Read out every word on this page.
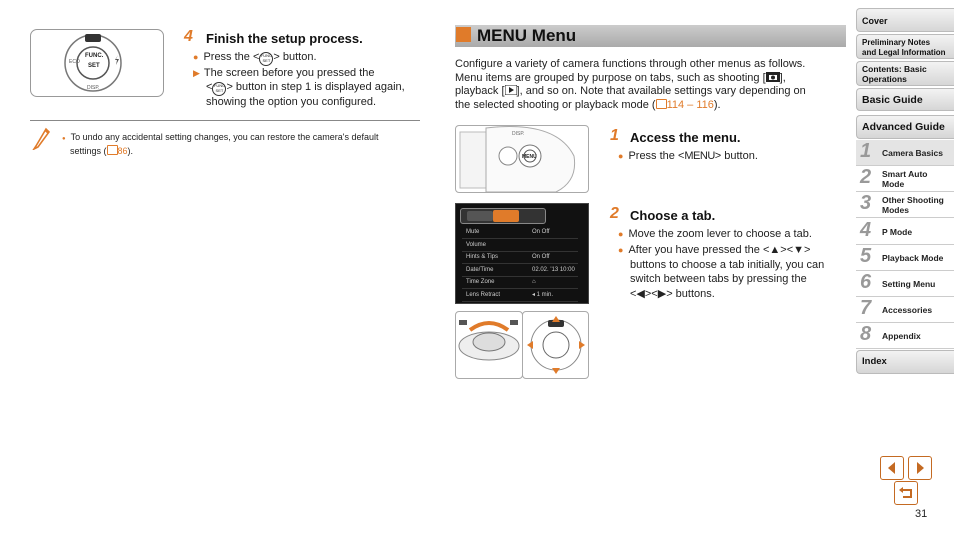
FUNC.
SET
ECO
DISP.
4 Finish the setup process.
● Press the <FUNC
SET > button.
▶ The screen before you pressed the
<FUNC
SET > button in step 1 is displayed again,
showing the option you configured.
● To undo any accidental setting changes, you can restore the camera's default
settings ( 86).
MENU Menu
Configure a variety of camera functions through other menus as follows.
Menu items are grouped by purpose on tabs, such as shooting [ ],
playback [ ], and so on. Note that available settings vary depending on
the selected shooting or playback mode ( 114 – 116).
MENU
DISP.	1 Access the menu.
● Press the <MENU> button.
Mute	On Off
Volume
Hints & Tips	On Off
Date/Time	02.02. '13 10:00
Time Zone	⌂
Lens Retract	◂ 1 min.
2 Choose a tab.
● Move the zoom lever to choose a tab.
● After you have pressed the <▲><▼>
buttons to choose a tab initially, you can
switch between tabs by pressing the
<◀><▶> buttons.
Cover
Preliminary Notes
and Legal Information
Contents: Basic
Operations
Basic Guide
Advanced Guide
1 Camera Basics
2 Smart Auto
Mode
3 Other Shooting
Modes
4 P Mode
5 Playback Mode
6 Setting Menu
7 Accessories
8 Appendix
Index
31
